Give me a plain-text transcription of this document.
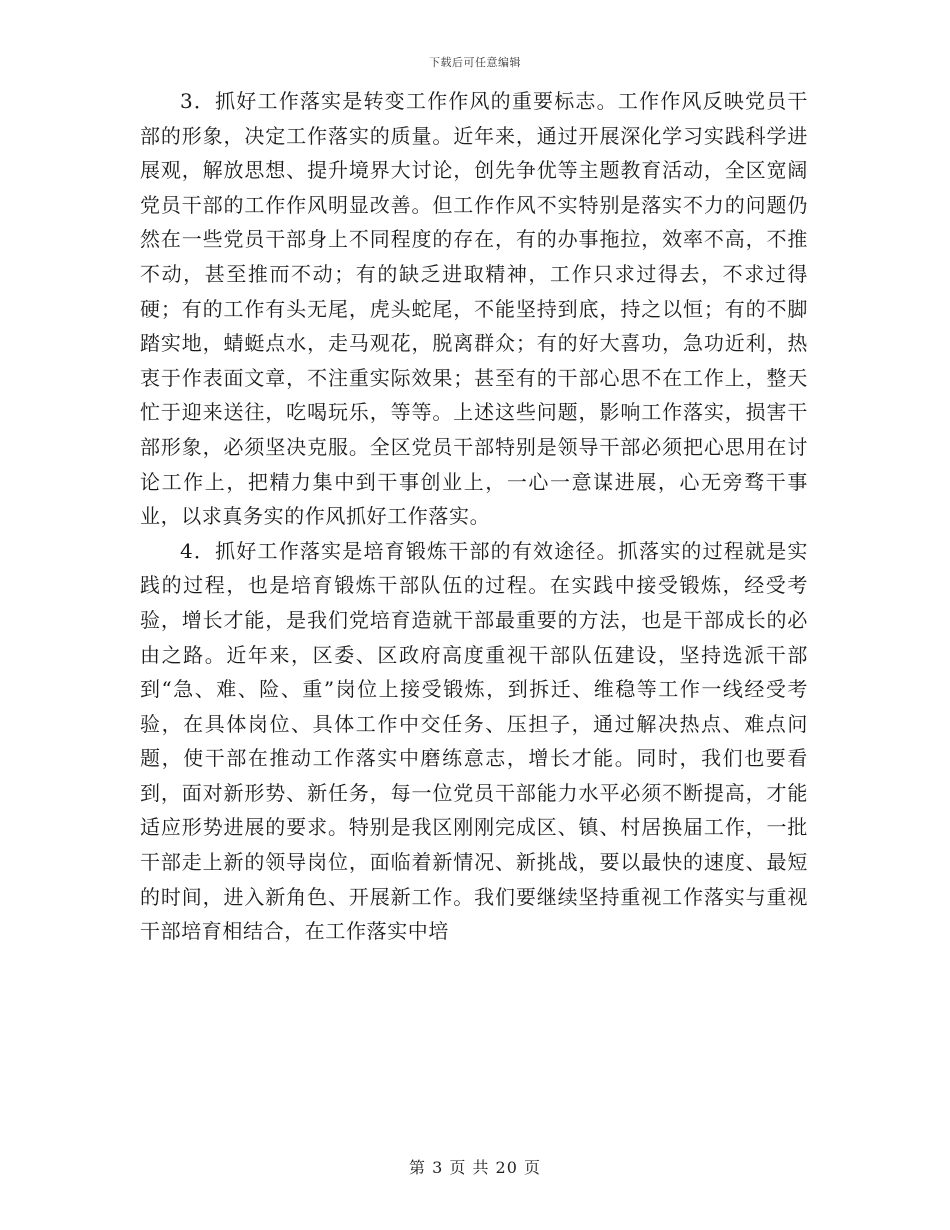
下载后可任意编辑

3．抓好工作落实是转变工作作风的重要标志。工作作风反映党员干部的形象，决定工作落实的质量。近年来，通过开展深化学习实践科学进展观，解放思想、提升境界大讨论，创先争优等主题教育活动，全区宽阔党员干部的工作作风明显改善。但工作作风不实特别是落实不力的问题仍然在一些党员干部身上不同程度的存在，有的办事拖拉，效率不高，不推不动，甚至推而不动；有的缺乏进取精神，工作只求过得去，不求过得硬；有的工作有头无尾，虎头蛇尾，不能坚持到底，持之以恒；有的不脚踏实地，蜻蜓点水，走马观花，脱离群众；有的好大喜功，急功近利，热衷于作表面文章，不注重实际效果；甚至有的干部心思不在工作上，整天忙于迎来送往，吃喝玩乐，等等。上述这些问题，影响工作落实，损害干部形象，必须坚决克服。全区党员干部特别是领导干部必须把心思用在讨论工作上，把精力集中到干事创业上，一心一意谋进展，心无旁骛干事业，以求真务实的作风抓好工作落实。

4．抓好工作落实是培育锻炼干部的有效途径。抓落实的过程就是实践的过程，也是培育锻炼干部队伍的过程。在实践中接受锻炼，经受考验，增长才能，是我们党培育造就干部最重要的方法，也是干部成长的必由之路。近年来，区委、区政府高度重视干部队伍建设，坚持选派干部到“急、难、险、重”岗位上接受锻炼，到拆迁、维稳等工作一线经受考验，在具体岗位、具体工作中交任务、压担子，通过解决热点、难点问题，使干部在推动工作落实中磨练意志，增长才能。同时，我们也要看到，面对新形势、新任务，每一位党员干部能力水平必须不断提高，才能适应形势进展的要求。特别是我区刚刚完成区、镇、村居换届工作，一批干部走上新的领导岗位，面临着新情况、新挑战，要以最快的速度、最短的时间，进入新角色、开展新工作。我们要继续坚持重视工作落实与重视干部培育相结合，在工作落实中培

第 3 页 共 20 页
